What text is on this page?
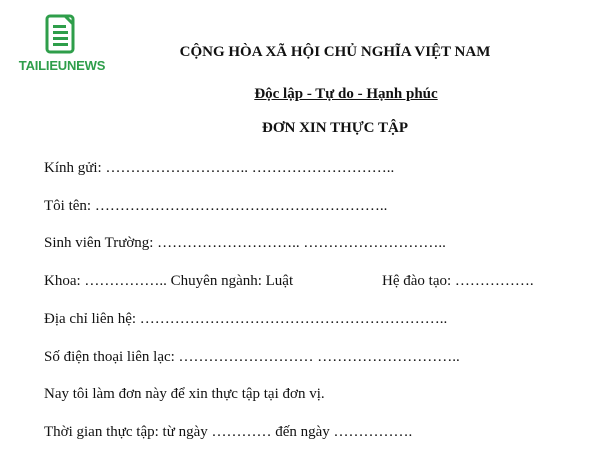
TAILIEUNEWS
CỘNG HÒA XÃ HỘI CHỦ NGHĨA VIỆT NAM
Độc lập - Tự do - Hạnh phúc
ĐƠN XIN THỰC TẬP
Kính gửi: ……………………….. ………………………..
Tôi tên: …………………………………………………..
Sinh viên Trường: ……………………….. ………………………..
Khoa: …………….. Chuyên ngành: Luật	Hệ đào tạo: …………….
Địa chỉ liên hệ: ……………………………………………………..
Số điện thoại liên lạc: ……………………… ………………………..
Nay tôi làm đơn này để xin thực tập tại đơn vị.
Thời gian thực tập: từ ngày ………… đến ngày …………….
